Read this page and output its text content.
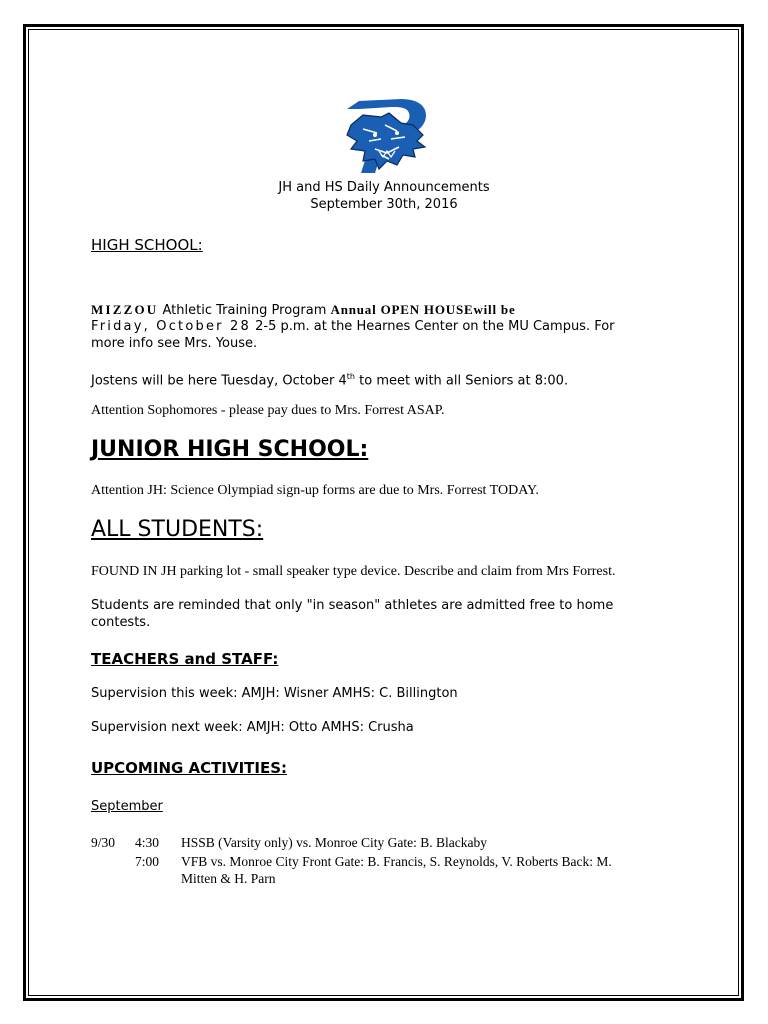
JH and HS Daily Announcements
September 30th, 2016
HIGH SCHOOL:
MIZZOU Athletic Training Program Annual OPEN HOUSEwill be
Friday, October 28 2-5 p.m. at the Hearnes Center on the MU Campus. For
more info see Mrs. Youse.
Jostens will be here Tuesday, October 4th to meet with all Seniors at 8:00.
Attention Sophomores - please pay dues to Mrs. Forrest ASAP.
JUNIOR HIGH SCHOOL:
Attention JH: Science Olympiad sign-up forms are due to Mrs. Forrest TODAY.
ALL STUDENTS:
FOUND IN JH parking lot - small speaker type device. Describe and claim from Mrs Forrest.
Students are reminded that only "in season" athletes are admitted free to home
contests.
TEACHERS and STAFF:
Supervision this week: AMJH: Wisner AMHS: C. Billington
Supervision next week: AMJH: Otto AMHS: Crusha
UPCOMING ACTIVITIES:
September
9/30 4:30 HSSB (Varsity only) vs. Monroe City Gate: B. Blackaby
7:00 VFB vs. Monroe City Front Gate: B. Francis, S. Reynolds, V. Roberts Back: M.
Mitten & H. Parn
